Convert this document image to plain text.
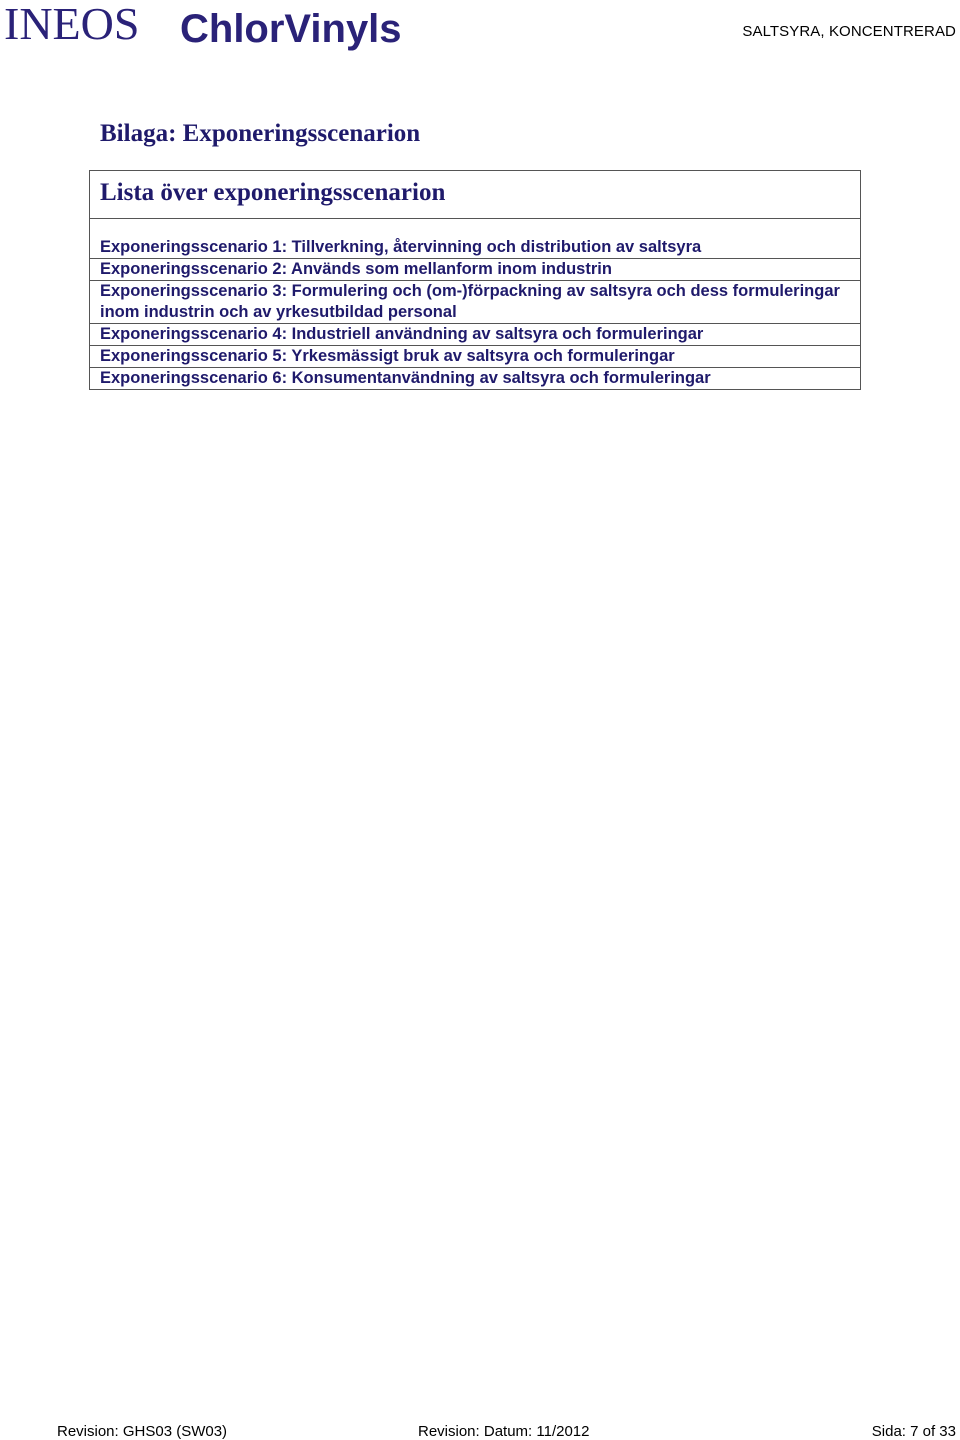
INEOS ChlorVinyls	SALTSYRA, KONCENTRERAD
Bilaga: Exponeringsscenarion
Lista över exponeringsscenarion
Exponeringsscenario 1: Tillverkning, återvinning och distribution av saltsyra
Exponeringsscenario 2: Används som mellanform inom industrin
Exponeringsscenario 3: Formulering och (om-)förpackning av saltsyra och dess formuleringar inom industrin och av yrkesutbildad personal
Exponeringsscenario 4: Industriell användning av saltsyra och formuleringar
Exponeringsscenario 5: Yrkesmässigt bruk av saltsyra och formuleringar
Exponeringsscenario 6: Konsumentanvändning av saltsyra och formuleringar
Revision: GHS03 (SW03)	Revision: Datum: 11/2012	Sida: 7 of 33
